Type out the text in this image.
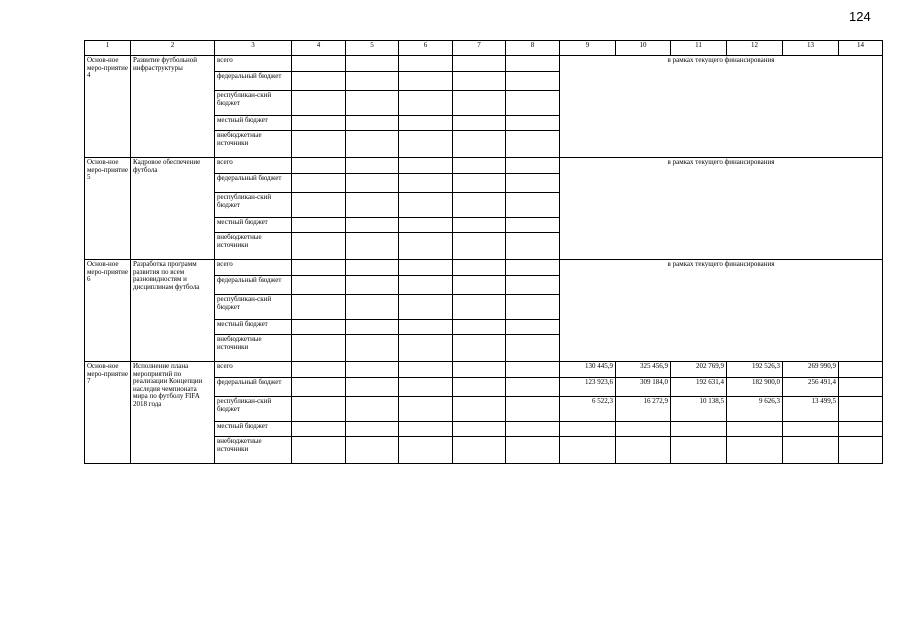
124
1	2	3	4	5	6	7	8	9	10	11	12	13	14
Основ-ное меро-приятие 4	Развитие футбольной инфраструктуры	всего						в рамках текущего финансирования					
		федеральный бюджет											
		республикан-ский бюджет											
		местный бюджет											
		внебюджетные источники											
Основ-ное меро-приятие 5	Кадровое обеспечение футбола	всего						в рамках текущего финансирования					
		федеральный бюджет											
		республикан-ский бюджет											
		местный бюджет											
		внебюджетные источники											
Основ-ное меро-приятие 6	Разработка программ развития по всем разновидностям и дисциплинам футбола	всего						в рамках текущего финансирования					
		федеральный бюджет											
		республикан-ский бюджет											
		местный бюджет											
		внебюджетные источники											
Основ-ное меро-приятие 7	Исполнение плана мероприятий по реализации Концепции наследия чемпионата мира по футболу FIFA 2018 года	всего						130 445,9	325 456,9	202 769,9	192 526,3	269 990,9	
		федеральный бюджет						123 923,6	309 184,0	192 631,4	182 900,0	256 491,4	
		республикан-ский бюджет						6 522,3	16 272,9	10 138,5	9 626,3	13 499,5	
		местный бюджет											
		внебюджетные источники											
